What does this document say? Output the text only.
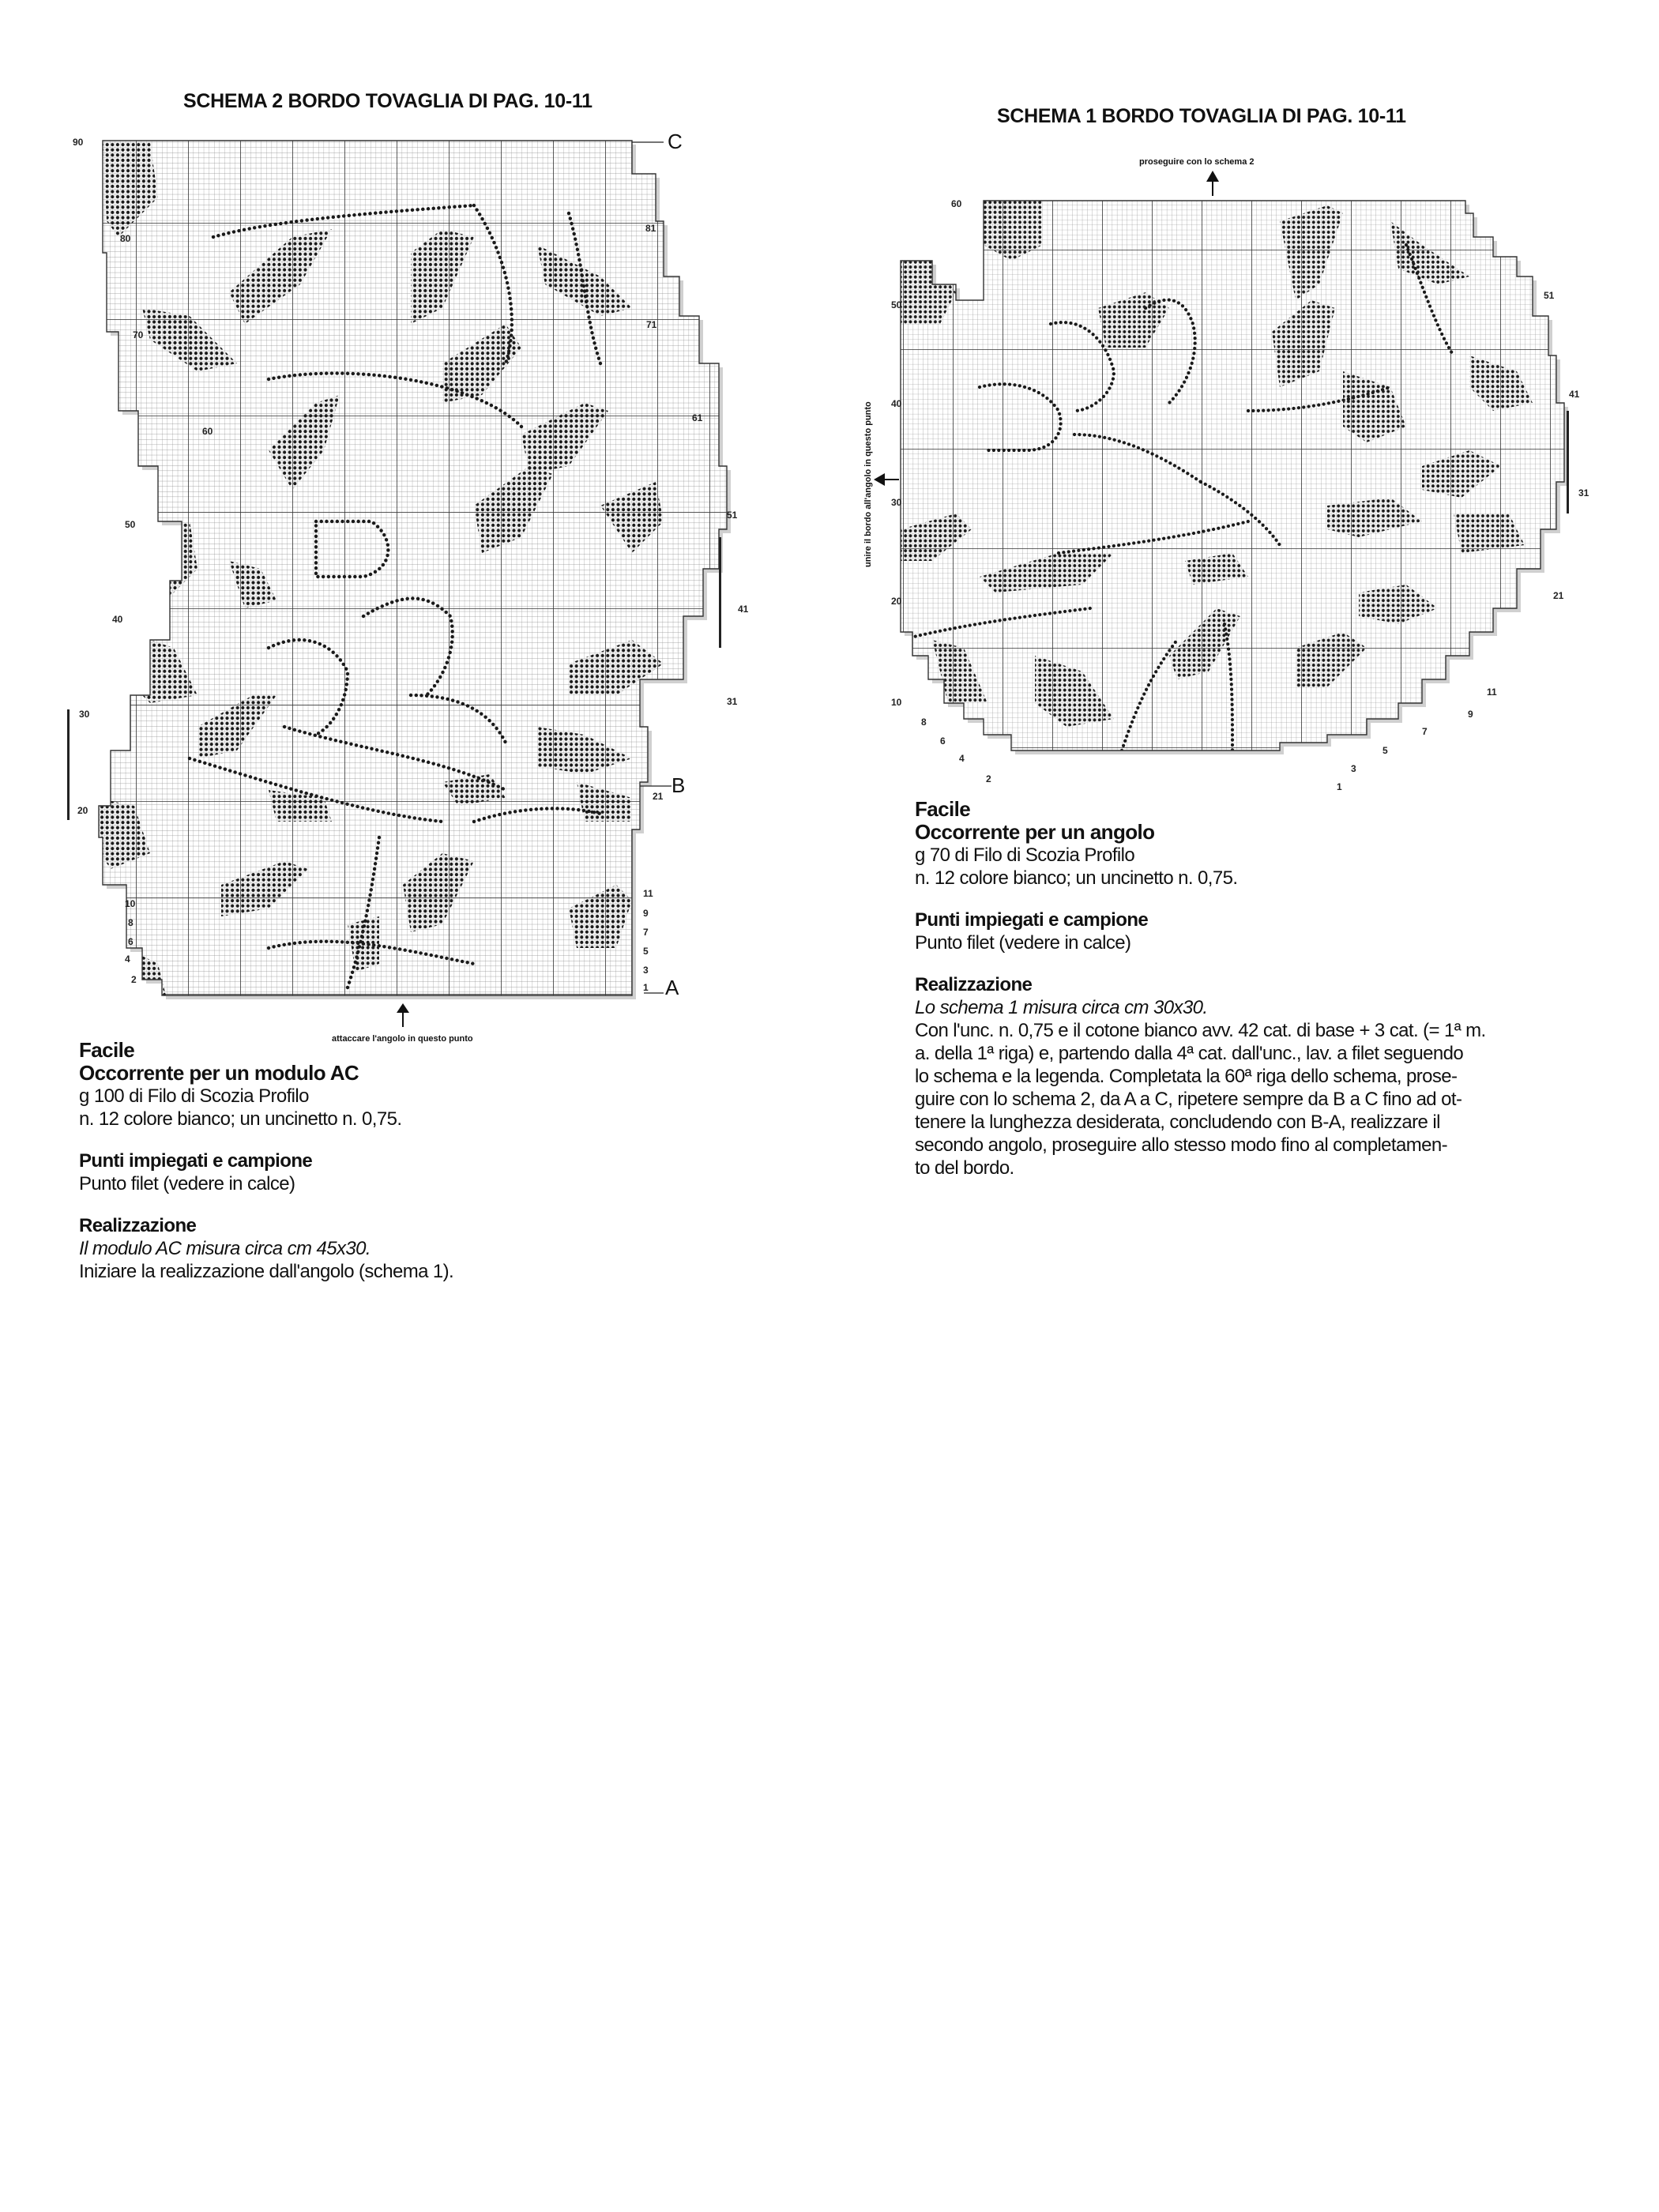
SCHEMA 2 BORDO TOVAGLIA DI PAG. 10-11
90
80
70
60
50
40
30
20
10
8
6
4
2
81
71
61
51
41
31
21
11
9
7
5
3
1
C
B
A
attaccare l'angolo in questo punto

Facile

Occorrente per un modulo AC

g 100 di Filo di Scozia Profilo

n. 12 colore bianco; un uncinetto n. 0,75.

Punti impiegati e campione

Punto filet (vedere in calce)

Realizzazione

Il modulo AC misura circa cm 45x30.

Iniziare la realizzazione dall'angolo (schema 1).

SCHEMA 1 BORDO TOVAGLIA DI PAG. 10-11
proseguire con lo schema 2
unire il bordo all'angolo in questo punto
60
50
40
30
20
10
8
6
4
2
51
41
31
21
11
9
7
5
3
1

Facile

Occorrente per un angolo

g 70 di Filo di Scozia Profilo

n. 12 colore bianco; un uncinetto n. 0,75.

Punti impiegati e campione

Punto filet (vedere in calce)

Realizzazione

Lo schema 1 misura circa cm 30x30.

Con l'unc. n. 0,75 e il cotone bianco avv. 42 cat. di base + 3 cat. (= 1ª m.

a. della 1ª riga) e, partendo dalla 4ª cat. dall'unc., lav. a filet seguendo

lo schema e la legenda. Completata la 60ª riga dello schema, prose-

guire con lo schema 2, da A a C, ripetere sempre da B a C fino ad ot-

tenere la lunghezza desiderata, concludendo con B-A, realizzare il

secondo angolo, proseguire allo stesso modo fino al completamen-

to del bordo.
